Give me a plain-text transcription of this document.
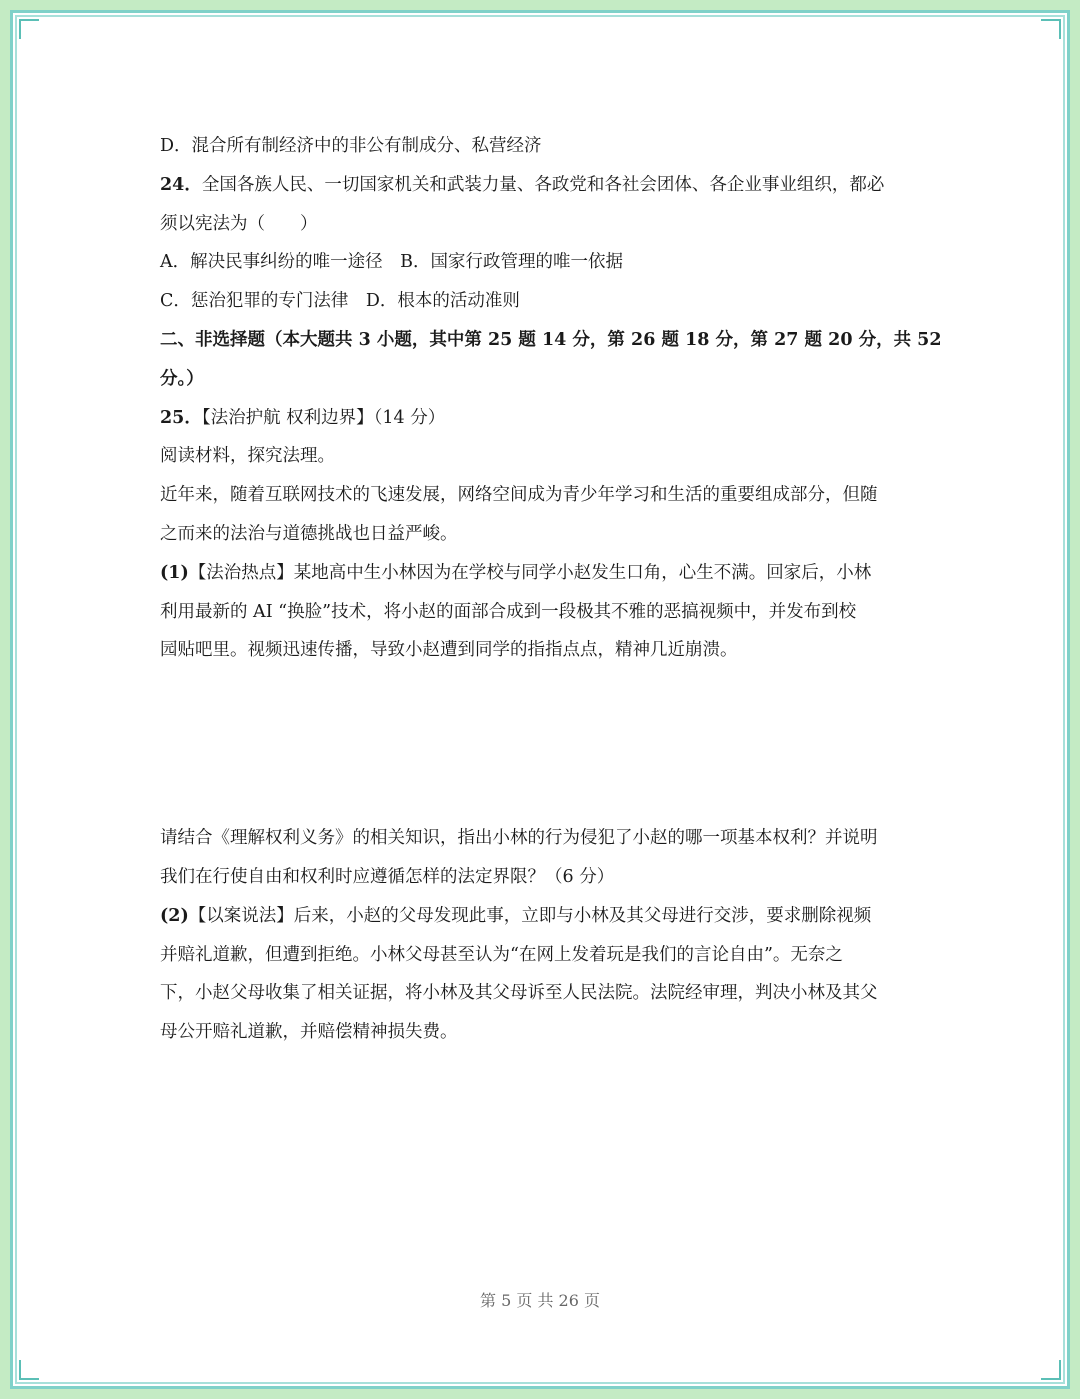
D．混合所有制经济中的非公有制成分、私营经济
24．全国各族人民、一切国家机关和武装力量、各政党和各社会团体、各企业事业组织，都必
须以宪法为（　　）
A．解决民事纠纷的唯一途径　B．国家行政管理的唯一依据
C．惩治犯罪的专门法律　D．根本的活动准则
二、非选择题（本大题共 3 小题，其中第 25 题 14 分，第 26 题 18 分，第 27 题 20 分，共 52
分。）
25．【法治护航 权利边界】（14 分）
阅读材料，探究法理。
近年来，随着互联网技术的飞速发展，网络空间成为青少年学习和生活的重要组成部分，但随
之而来的法治与道德挑战也日益严峻。
(1)【法治热点】某地高中生小林因为在学校与同学小赵发生口角，心生不满。回家后，小林
利用最新的 AI “换脸”技术，将小赵的面部合成到一段极其不雅的恶搞视频中，并发布到校
园贴吧里。视频迅速传播，导致小赵遭到同学的指指点点，精神几近崩溃。
请结合《理解权利义务》的相关知识，指出小林的行为侵犯了小赵的哪一项基本权利？并说明
我们在行使自由和权利时应遵循怎样的法定界限？（6 分）
(2)【以案说法】后来，小赵的父母发现此事，立即与小林及其父母进行交涉，要求删除视频
并赔礼道歉，但遭到拒绝。小林父母甚至认为“在网上发着玩是我们的言论自由”。无奈之
下，小赵父母收集了相关证据，将小林及其父母诉至人民法院。法院经审理，判决小林及其父
母公开赔礼道歉，并赔偿精神损失费。
第 5 页 共 26 页
